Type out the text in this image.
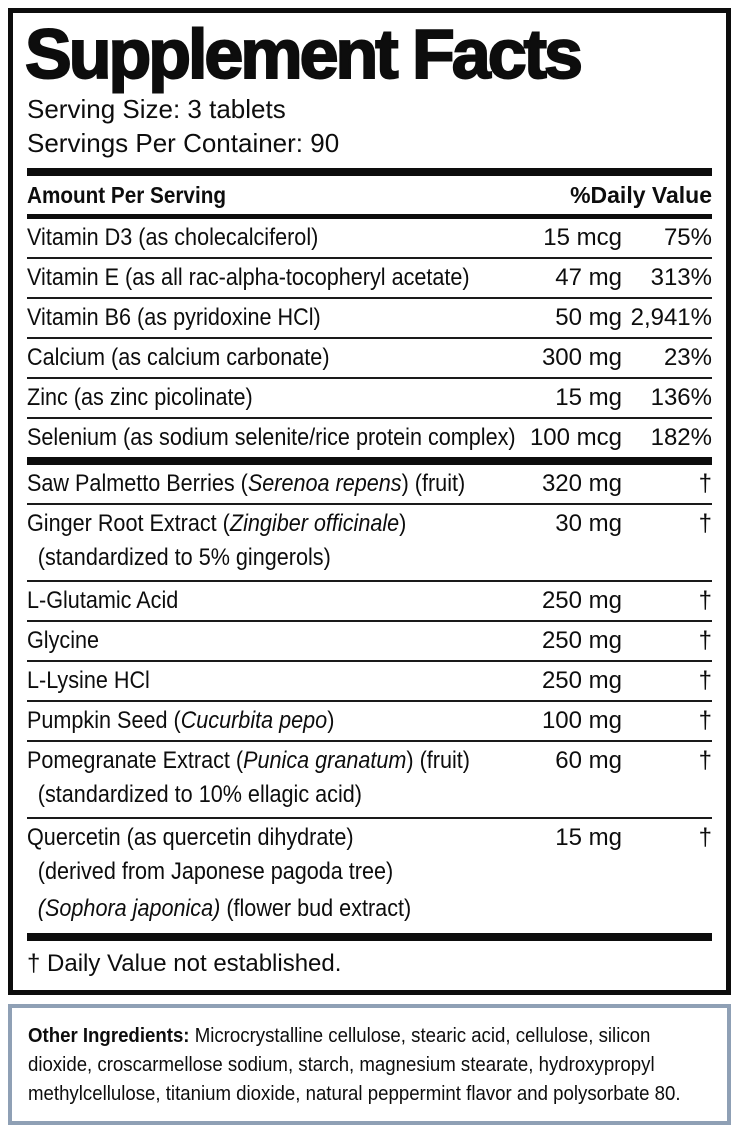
Supplement Facts
Serving Size: 3 tablets
Servings Per Container: 90
Amount Per Serving	%Daily Value
Vitamin D3 (as cholecalciferol)	15 mcg	75%
Vitamin E (as all rac-alpha-tocopheryl acetate)	47 mg	313%
Vitamin B6 (as pyridoxine HCl)	50 mg 2,941%
Calcium (as calcium carbonate)	300 mg	23%
Zinc (as zinc picolinate)	15 mg	136%
Selenium (as sodium selenite/rice protein complex) 100 mcg	182%
Saw Palmetto Berries (Serenoa repens) (fruit)	320 mg	†
Ginger Root Extract (Zingiber officinale)	30 mg	†
(standardized to 5% gingerols)
L-Glutamic Acid	250 mg	†
Glycine	250 mg	†
L-Lysine HCl	250 mg	†
Pumpkin Seed (Cucurbita pepo)	100 mg	†
Pomegranate Extract (Punica granatum) (fruit)	60 mg	†
(standardized to 10% ellagic acid)
Quercetin (as quercetin dihydrate)	15 mg	†
(derived from Japonese pagoda tree)
(Sophora japonica) (flower bud extract)
† Daily Value not established.

Other Ingredients: Microcrystalline cellulose, stearic acid, cellulose, silicon dioxide, croscarmellose sodium, starch, magnesium stearate, hydroxypropyl methylcellulose, titanium dioxide, natural peppermint flavor and polysorbate 80.
